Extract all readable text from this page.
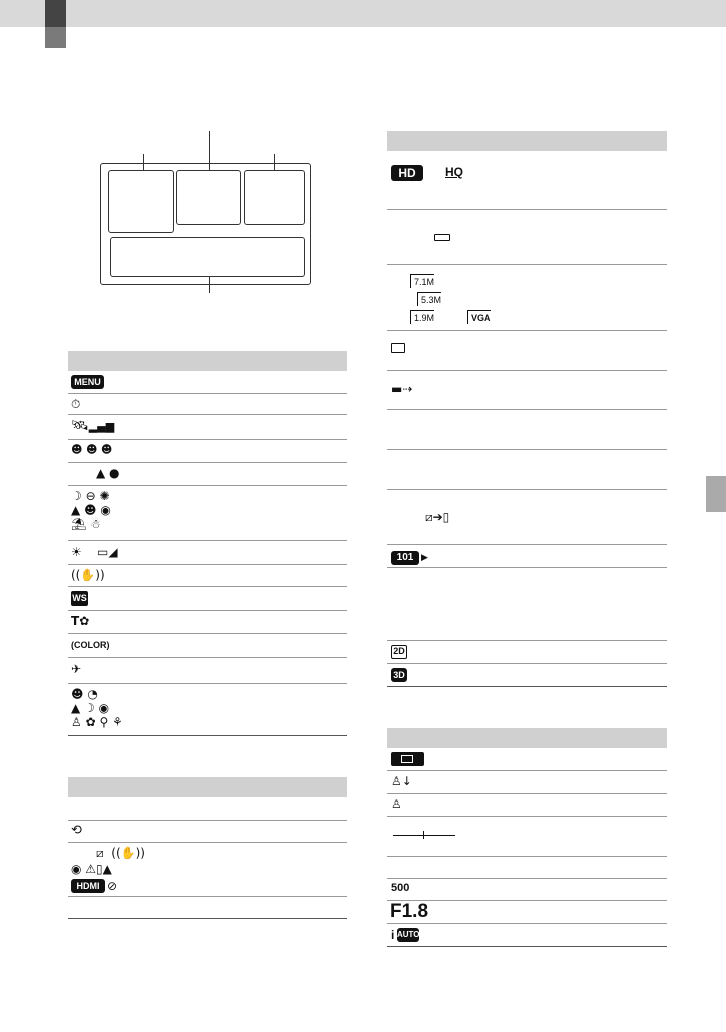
MENU
⏱
🛰▂▄▆
☻ ☻ ☻
▲ ●
☽ ⊖ ✺
▲ ☻ ◉
⛱ ☃
☀    ▭◢
((✋))
WS
T✿
(COLOR)
✈
☻ ◔
▲ ☽ ◉
♙ ✿ ⚲ ⚘
⟲
⧄  ((✋))
◉ ⚠▯▲
HDMI ⊘
HD	HQ
7.1M
5.3M
1.9M	VGA
▬⇢
⧄➔▯
101 ▶
2D
3D
♙↓
♙
500
F1.8
i AUTO
